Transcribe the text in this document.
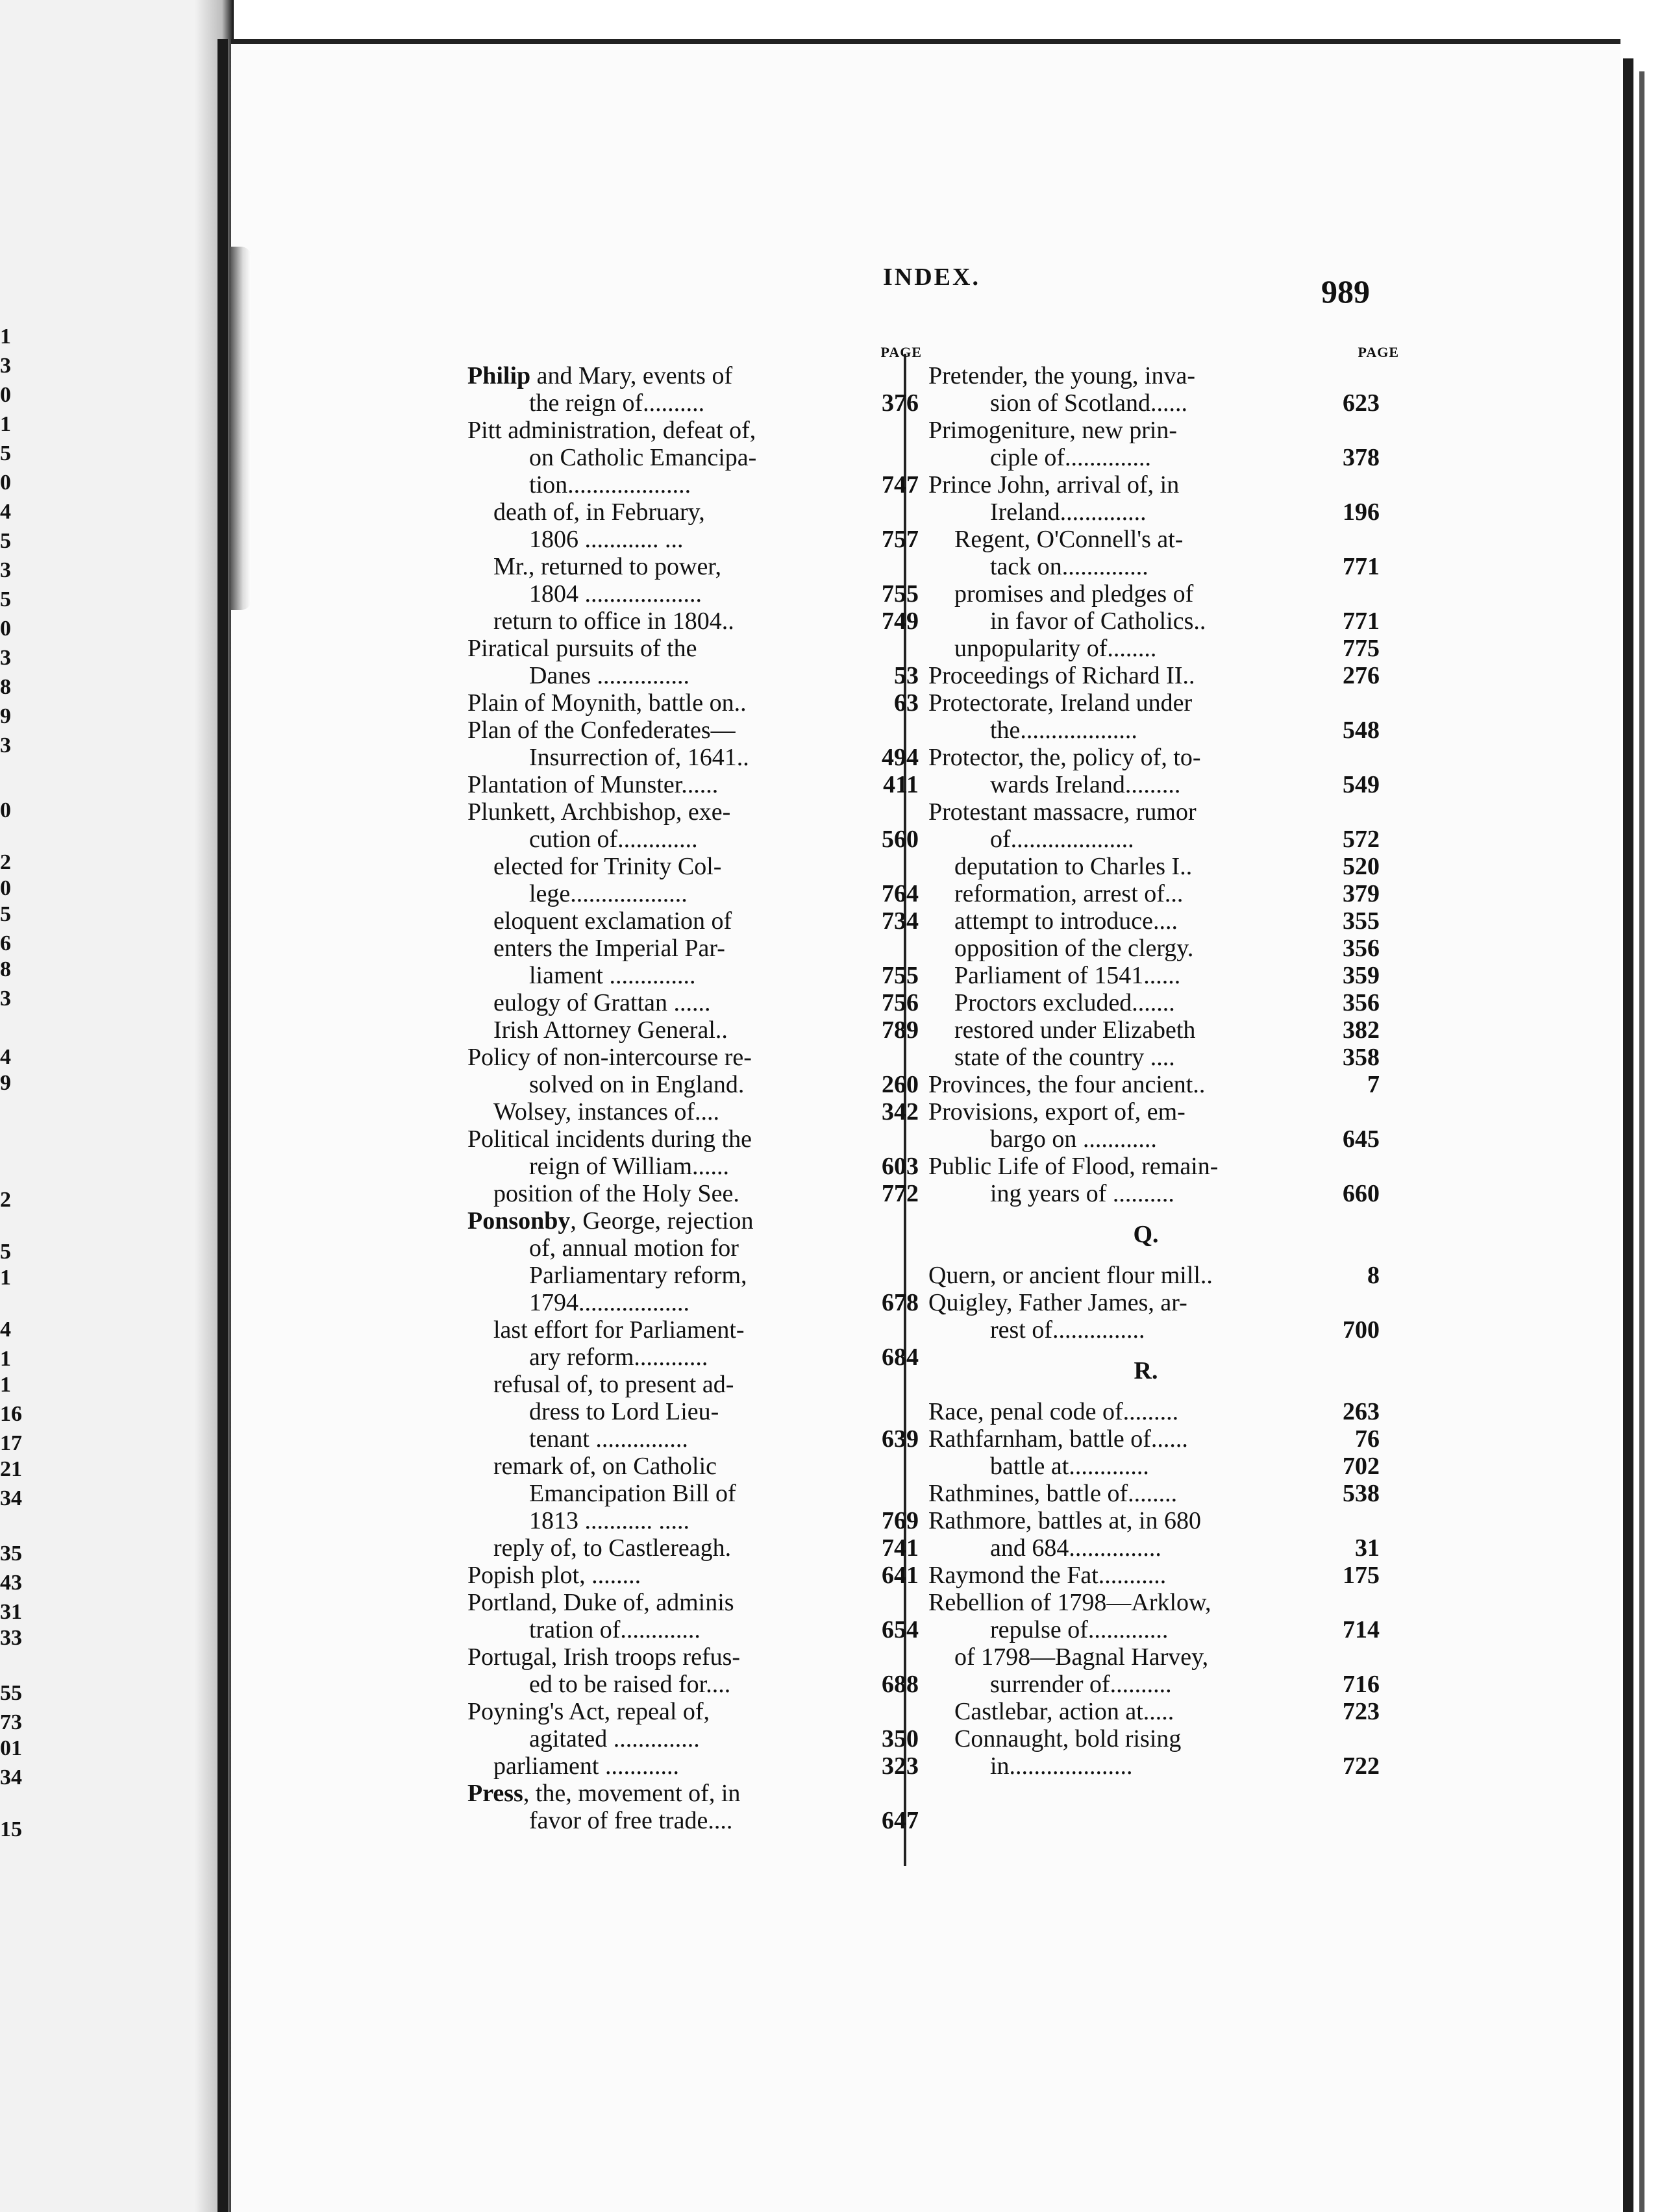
1
3
0
1
5
0
4
5
3
5
0
3
8
9
3
0
2
0
5
6
8
3
4
9
2
5
1
4
1
1
16
17
21
34
35
43
31
33
55
73
01
34
15
INDEX.	989
PAGE
Philip and Mary, events of
the reign of..........	376
Pitt administration, defeat of,
on Catholic Emancipa-
tion....................	747
death of, in February,
1806 ............ ...	757
Mr., returned to power,
1804 ...................	755
return to office in 1804..	749
Piratical pursuits of the
Danes ...............	53
Plain of Moynith, battle on..	63
Plan of the Confederates—
Insurrection of, 1641..	494
Plantation of Munster......	411
Plunkett, Archbishop, exe-
cution of.............	560
elected for Trinity Col-
lege...................	764
eloquent exclamation of	734
enters the Imperial Par-
liament ..............	755
eulogy of Grattan ......	756
Irish Attorney General..	789
Policy of non-intercourse re-
solved on in England.	260
Wolsey, instances of....	342
Political incidents during the
reign of William......	603
position of the Holy See.	772
Ponsonby, George, rejection
of, annual motion for
Parliamentary reform,
1794..................	678
last effort for Parliament-
ary reform............	684
refusal of, to present ad-
dress to Lord Lieu-
tenant ...............	639
remark of, on Catholic
Emancipation Bill of
1813 ........... .....	769
reply of, to Castlereagh.	741
Popish plot, ........	641
Portland, Duke of, adminis
tration of.............	654
Portugal, Irish troops refus-
ed to be raised for....	688
Poyning's Act, repeal of,
agitated ..............	350
parliament ............	323
Press, the, movement of, in
favor of free trade....	647
PAGE
Pretender, the young, inva-
sion of Scotland......	623
Primogeniture, new prin-
ciple of..............	378
Prince John, arrival of, in
Ireland..............	196
Regent, O'Connell's at-
tack on..............	771
promises and pledges of
in favor of Catholics..	771
unpopularity of........	775
Proceedings of Richard II..	276
Protectorate, Ireland under
the...................	548
Protector, the, policy of, to-
wards Ireland.........	549
Protestant massacre, rumor
of....................	572
deputation to Charles I..	520
reformation, arrest of...	379
attempt to introduce....	355
opposition of the clergy.	356
Parliament of 1541......	359
Proctors excluded.......	356
restored under Elizabeth	382
state of the country ....	358
Provinces, the four ancient..	7
Provisions, export of, em-
bargo on ............	645
Public Life of Flood, remain-
ing years of ..........	660
Q.
Quern, or ancient flour mill..	8
Quigley, Father James, ar-
rest of...............	700
R.
Race, penal code of.........	263
Rathfarnham, battle of......	76
battle at.............	702
Rathmines, battle of........	538
Rathmore, battles at, in 680
and 684...............	31
Raymond the Fat...........	175
Rebellion of 1798—Arklow,
repulse of.............	714
of 1798—Bagnal Harvey,
surrender of..........	716
Castlebar, action at.....	723
Connaught, bold rising
in....................	722
